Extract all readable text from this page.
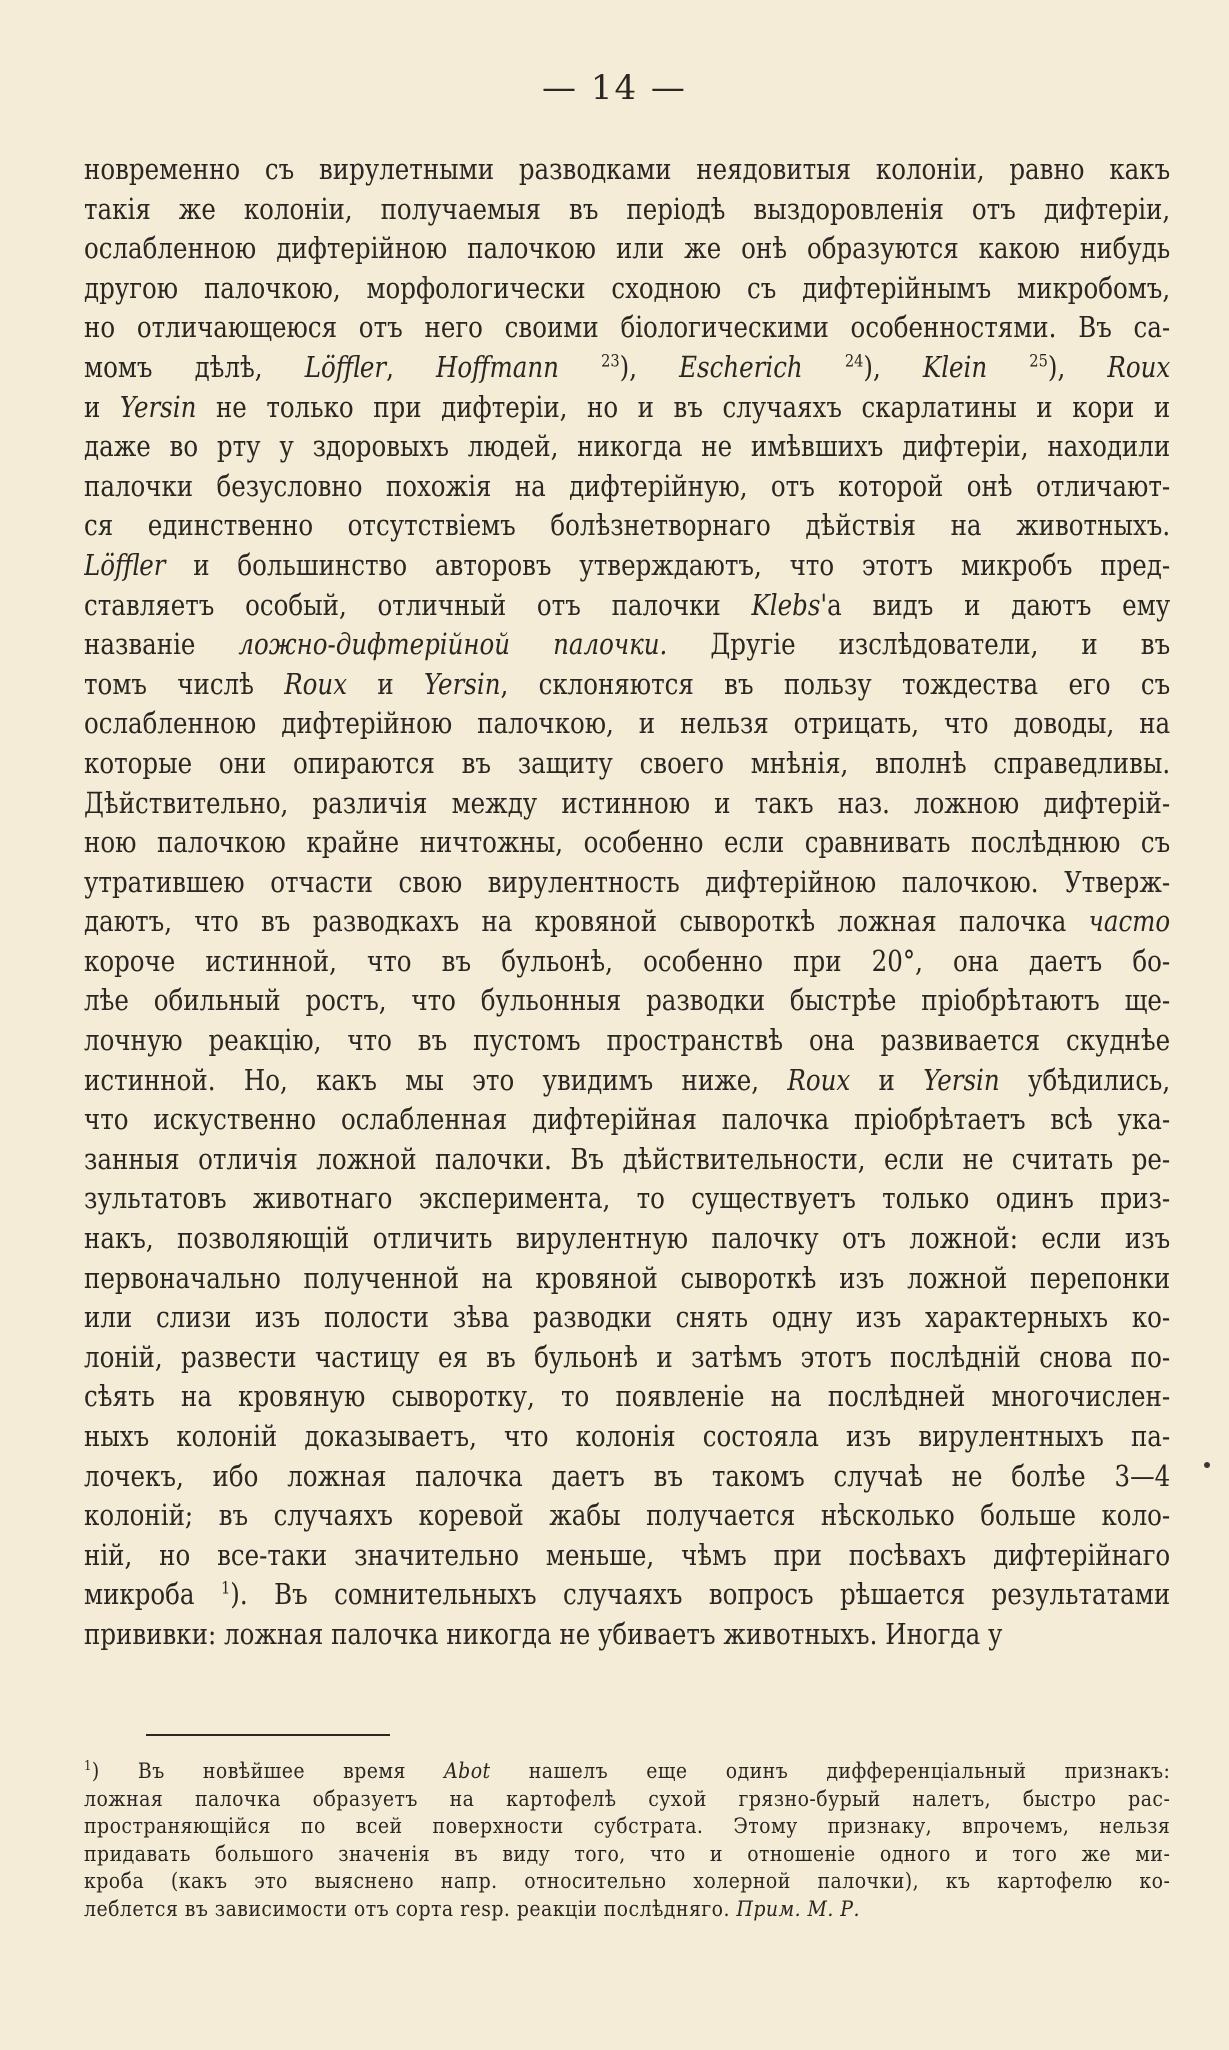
— 14 —
новременно съ вирулетными разводками неядовитыя колоніи, равно какъ
такія же колоніи, получаемыя въ періодѣ выздоровленія отъ дифтеріи,
ослабленною дифтерійною палочкою или же онѣ образуются какою нибудь
другою палочкою, морфологически сходною съ дифтерійнымъ микробомъ,
но отличающеюся отъ него своими біологическими особенностями. Въ са-
момъ дѣлѣ, Löffler, Hoffmann $^{23}$), Escherich $^{24}$), Klein $^{25}$), Roux
и Yersin не только при дифтеріи, но и въ случаяхъ скарлатины и кори и
даже во рту у здоровыхъ людей, никогда не имѣвшихъ дифтеріи, находили
палочки безусловно похожія на дифтерійную, отъ которой онѣ отличают-
ся единственно отсутствіемъ болѣзнетворнаго дѣйствія на животныхъ.
Löffler и большинство авторовъ утверждаютъ, что этотъ микробъ пред-
ставляетъ особый, отличный отъ палочки Klebs'а видъ и даютъ ему
названіе ложно-дифтерійной палочки. Другіе изслѣдователи, и въ
томъ числѣ Roux и Yersin, склоняются въ пользу тождества его съ
ослабленною дифтерійною палочкою, и нельзя отрицать, что доводы, на
которые они опираются въ защиту своего мнѣнія, вполнѣ справедливы.
Дѣйствительно, различія между истинною и такъ наз. ложною дифтерій-
ною палочкою крайне ничтожны, особенно если сравнивать послѣднюю съ
утратившею отчасти свою вирулентность дифтерійною палочкою. Утверж-
даютъ, что въ разводкахъ на кровяной сывороткѣ ложная палочка часто
короче истинной, что въ бульонѣ, особенно при 20°, она даетъ бо-
лѣе обильный ростъ, что бульонныя разводки быстрѣе пріобрѣтаютъ ще-
лочную реакцію, что въ пустомъ пространствѣ она развивается скуднѣе
истинной. Но, какъ мы это увидимъ ниже, Roux и Yersin убѣдились,
что искуственно ослабленная дифтерійная палочка пріобрѣтаетъ всѣ ука-
занныя отличія ложной палочки. Въ дѣйствительности, если не считать ре-
зультатовъ животнаго эксперимента, то существуетъ только одинъ приз-
накъ, позволяющій отличить вирулентную палочку отъ ложной: если изъ
первоначально полученной на кровяной сывороткѣ изъ ложной перепонки
или слизи изъ полости зѣва разводки снять одну изъ характерныхъ ко-
лоній, развести частицу ея въ бульонѣ и затѣмъ этотъ послѣдній снова по-
сѣять на кровяную сыворотку, то появленіе на послѣдней многочислен-
ныхъ колоній доказываетъ, что колонія состояла изъ вирулентныхъ па-
лочекъ, ибо ложная палочка даетъ въ такомъ случаѣ не болѣе 3—4
колоній; въ случаяхъ коревой жабы получается нѣсколько больше коло-
ній, но все-таки значительно меньше, чѣмъ при посѣвахъ дифтерійнаго
микроба $^1$). Въ сомнительныхъ случаяхъ вопросъ рѣшается результатами
прививки: ложная палочка никогда не убиваетъ животныхъ. Иногда у
$^1$) Въ новѣйшее время Abot нашелъ еще одинъ дифференціальный признакъ:
ложная палочка образуетъ на картофелѣ сухой грязно-бурый налетъ, быстро рас-
пространяющійся по всей поверхности субстрата. Этому признаку, впрочемъ, нельзя
придавать большого значенія въ виду того, что и отношеніе одного и того же ми-
кроба (какъ это выяснено напр. относительно холерной палочки), къ картофелю ко-
леблется въ зависимости отъ сорта resp. реакціи послѣдняго. Прим. М. Р.
